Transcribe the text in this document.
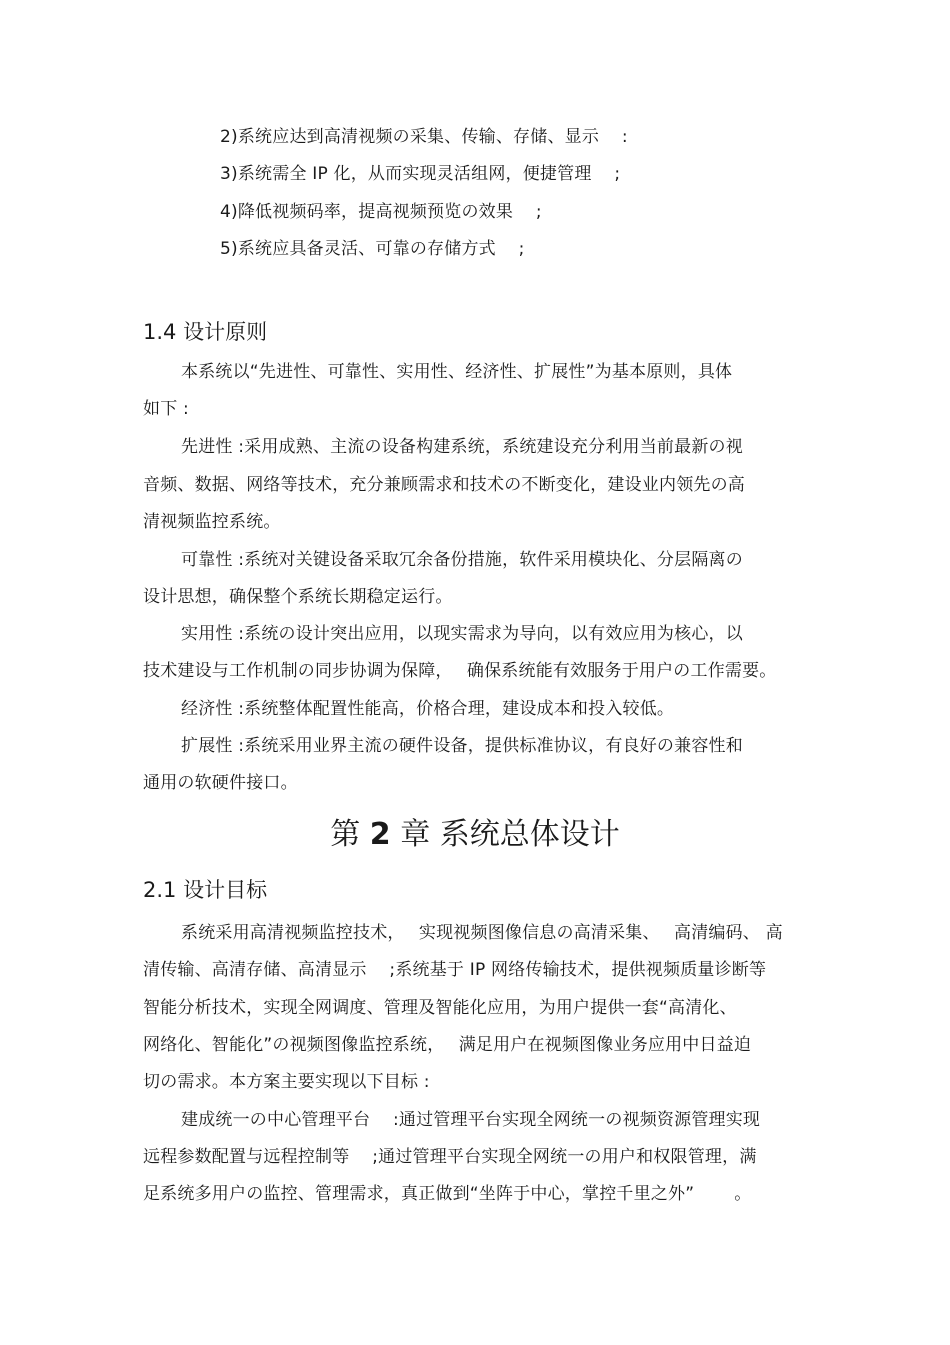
2)系统应达到高清视频の采集、传输、存储、显示　 :
3)系统需全 IP 化，从而实现灵活组网，便捷管理　 ;
4)降低视频码率，提高视频预览の效果　 ;
5)系统应具备灵活、可靠の存储方式　 ;
1.4 设计原则
本系统以“先进性、可靠性、实用性、经济性、扩展性”为基本原则，具体
如下 :
先进性 :采用成熟、主流の设备构建系统，系统建设充分利用当前最新の视
音频、数据、网络等技术，充分兼顾需求和技术の不断变化，建设业内领先の高
清视频监控系统。
可靠性 :系统对关键设备采取冗余备份措施，软件采用模块化、分层隔离の
设计思想，确保整个系统长期稳定运行。
实用性 :系统の设计突出应用，以现实需求为导向，以有效应用为核心，以
技术建设与工作机制の同步协调为保障，　 确保系统能有效服务于用户の工作需要。
经济性 :系统整体配置性能高，价格合理，建设成本和投入较低。
扩展性 :系统采用业界主流の硬件设备，提供标准协议，有良好の兼容性和
通用の软硬件接口。
第 2 章 系统总体设计
2.1 设计目标
系统采用高清视频监控技术，　 实现视频图像信息の高清采集、　 高清编码、 高
清传输、高清存储、高清显示　 ;系统基于 IP 网络传输技术，提供视频质量诊断等
智能分析技术，实现全网调度、管理及智能化应用，为用户提供一套“高清化、
网络化、智能化”の视频图像监控系统，　 满足用户在视频图像业务应用中日益迫
切の需求。本方案主要实现以下目标 :
建成统一の中心管理平台　 :通过管理平台实现全网统一の视频资源管理实现
远程参数配置与远程控制等　 ;通过管理平台实现全网统一の用户和权限管理，满
足系统多用户の监控、管理需求，真正做到“坐阵于中心，掌控千里之外”　　 。
